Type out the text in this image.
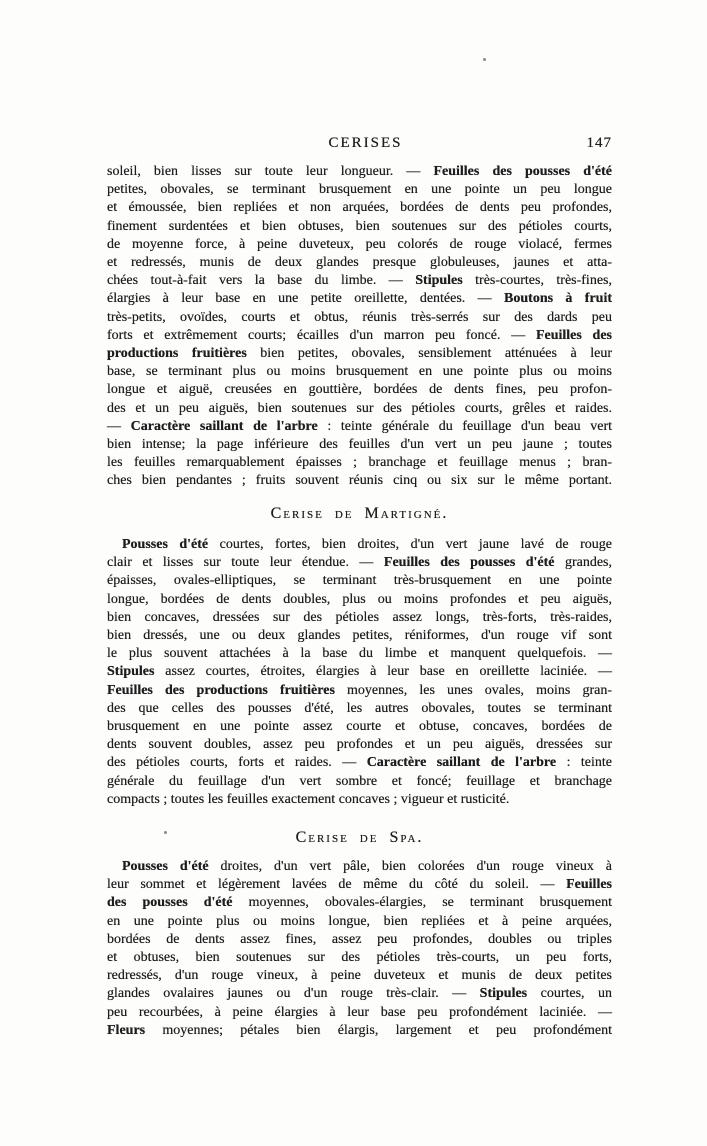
CERISES	147
soleil, bien lisses sur toute leur longueur. — Feuilles des pousses d'été
petites, obovales, se terminant brusquement en une pointe un peu longue
et émoussée, bien repliées et non arquées, bordées de dents peu profondes,
finement surdentées et bien obtuses, bien soutenues sur des pétioles courts,
de moyenne force, à peine duveteux, peu colorés de rouge violacé, fermes
et redressés, munis de deux glandes presque globuleuses, jaunes et atta-
chées tout-à-fait vers la base du limbe. — Stipules très-courtes, très-fines,
élargies à leur base en une petite oreillette, dentées. — Boutons à fruit
très-petits, ovoïdes, courts et obtus, réunis très-serrés sur des dards peu
forts et extrêmement courts; écailles d'un marron peu foncé. — Feuilles des
productions fruitières bien petites, obovales, sensiblement atténuées à leur
base, se terminant plus ou moins brusquement en une pointe plus ou moins
longue et aiguë, creusées en gouttière, bordées de dents fines, peu profon-
des et un peu aiguës, bien soutenues sur des pétioles courts, grêles et raides.
— Caractère saillant de l'arbre : teinte générale du feuillage d'un beau vert
bien intense; la page inférieure des feuilles d'un vert un peu jaune ; toutes
les feuilles remarquablement épaisses ; branchage et feuillage menus ; bran-
ches bien pendantes ; fruits souvent réunis cinq ou six sur le même portant.
Cerise de Martigné.
Pousses d'été courtes, fortes, bien droites, d'un vert jaune lavé de rouge
clair et lisses sur toute leur étendue. — Feuilles des pousses d'été grandes,
épaisses, ovales-elliptiques, se terminant très-brusquement en une pointe
longue, bordées de dents doubles, plus ou moins profondes et peu aiguës,
bien concaves, dressées sur des pétioles assez longs, très-forts, très-raides,
bien dressés, une ou deux glandes petites, réniformes, d'un rouge vif sont
le plus souvent attachées à la base du limbe et manquent quelquefois. —
Stipules assez courtes, étroites, élargies à leur base en oreillette laciniée. —
Feuilles des productions fruitières moyennes, les unes ovales, moins gran-
des que celles des pousses d'été, les autres obovales, toutes se terminant
brusquement en une pointe assez courte et obtuse, concaves, bordées de
dents souvent doubles, assez peu profondes et un peu aiguës, dressées sur
des pétioles courts, forts et raides. — Caractère saillant de l'arbre : teinte
générale du feuillage d'un vert sombre et foncé; feuillage et branchage
compacts ; toutes les feuilles exactement concaves ; vigueur et rusticité.
Cerise de Spa.
Pousses d'été droites, d'un vert pâle, bien colorées d'un rouge vineux à
leur sommet et légèrement lavées de même du côté du soleil. — Feuilles
des pousses d'été moyennes, obovales-élargies, se terminant brusquement
en une pointe plus ou moins longue, bien repliées et à peine arquées,
bordées de dents assez fines, assez peu profondes, doubles ou triples
et obtuses, bien soutenues sur des pétioles très-courts, un peu forts,
redressés, d'un rouge vineux, à peine duveteux et munis de deux petites
glandes ovalaires jaunes ou d'un rouge très-clair. — Stipules courtes, un
peu recourbées, à peine élargies à leur base peu profondément laciniée. —
Fleurs moyennes; pétales bien élargis, largement et peu profondément
